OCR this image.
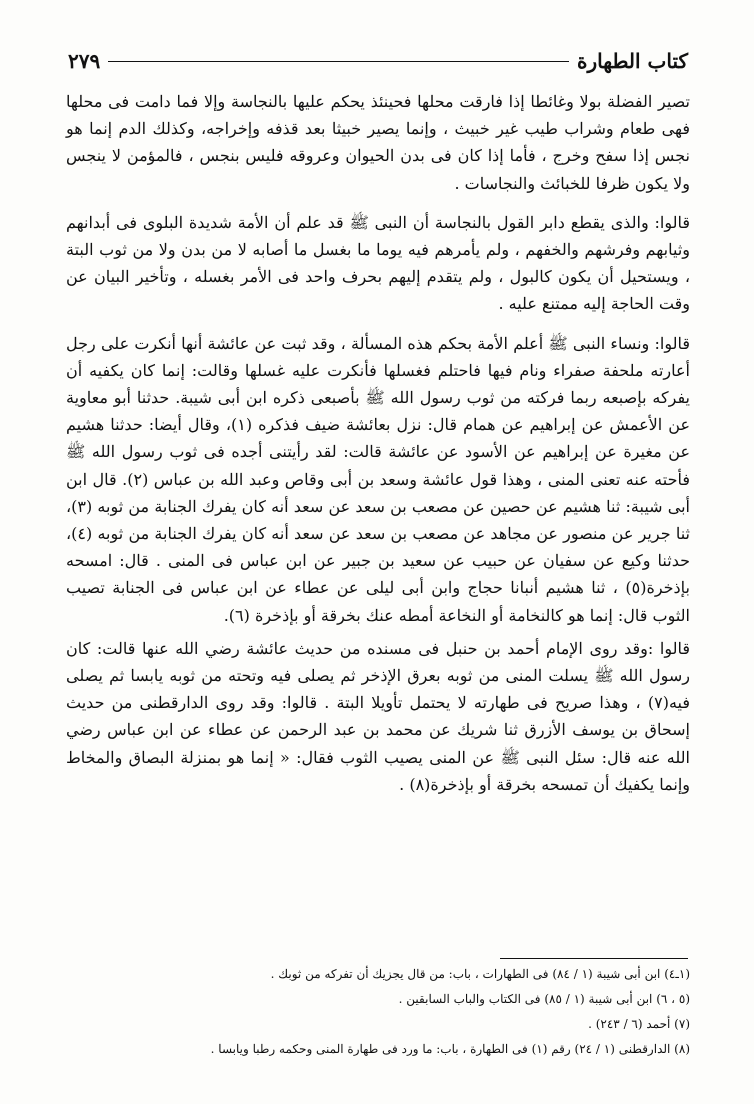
كتاب الطهارة
٢٧٩

تصير الفضلة بولا وغائطا إذا فارقت محلها فحينئذ يحكم عليها بالنجاسة وإلا فما دامت فى محلها فهى طعام وشراب طيب غير خبيث ، وإنما يصير خبيثا بعد قذفه وإخراجه، وكذلك الدم إنما هو نجس إذا سفح وخرج ، فأما إذا كان فى بدن الحيوان وعروقه فليس بنجس ، فالمؤمن لا ينجس ولا يكون ظرفا للخبائث والنجاسات .

قالوا: والذى يقطع دابر القول بالنجاسة أن النبى ﷺ قد علم أن الأمة شديدة البلوى فى أبدانهم وثيابهم وفرشهم والخفهم ، ولم يأمرهم فيه يوما ما بغسل ما أصابه لا من بدن ولا من ثوب البتة ، ويستحيل أن يكون كالبول ، ولم يتقدم إليهم بحرف واحد فى الأمر بغسله ، وتأخير البيان عن وقت الحاجة إليه ممتنع عليه .

قالوا: ونساء النبى ﷺ أعلم الأمة بحكم هذه المسألة ، وقد ثبت عن عائشة أنها أنكرت على رجل أعارته ملحفة صفراء ونام فيها فاحتلم فغسلها فأنكرت عليه غسلها وقالت: إنما كان يكفيه أن يفركه بإصبعه ربما فركته من ثوب رسول الله ﷺ بأصبعى ذكره ابن أبى شيبة. حدثنا أبو معاوية عن الأعمش عن إبراهيم عن همام قال: نزل بعائشة ضيف فذكره (١)، وقال أيضا: حدثنا هشيم عن مغيرة عن إبراهيم عن الأسود عن عائشة قالت: لقد رأيتنى أجده فى ثوب رسول الله ﷺ فأحته عنه تعنى المنى ، وهذا قول عائشة وسعد بن أبى وقاص وعبد الله بن عباس (٢). قال ابن أبى شيبة: ثنا هشيم عن حصين عن مصعب بن سعد عن سعد أنه كان يفرك الجنابة من ثوبه (٣)، ثنا جرير عن منصور عن مجاهد عن مصعب بن سعد عن سعد أنه كان يفرك الجنابة من ثوبه (٤)، حدثنا وكيع عن سفيان عن حبيب عن سعيد بن جبير عن ابن عباس فى المنى . قال: امسحه بإذخرة(٥) ، ثنا هشيم أنبانا حجاج وابن أبى ليلى عن عطاء عن ابن عباس فى الجنابة تصيب الثوب قال: إنما هو كالنخامة أو النخاعة أمطه عنك بخرقة أو بإذخرة (٦).

قالوا :وقد روى الإمام أحمد بن حنبل فى مسنده من حديث عائشة رضي الله عنها قالت: كان رسول الله ﷺ يسلت المنى من ثوبه بعرق الإذخر ثم يصلى فيه وتحته من ثوبه يابسا ثم يصلى فيه(٧) ، وهذا صريح فى طهارته لا يحتمل تأويلا البتة . قالوا: وقد روى الدارقطنى من حديث إسحاق بن يوسف الأزرق ثنا شريك عن محمد بن عبد الرحمن عن عطاء عن ابن عباس رضي الله عنه قال: سئل النبى ﷺ عن المنى يصيب الثوب فقال: « إنما هو بمنزلة البصاق والمخاط وإنما يكفيك أن تمسحه بخرقة أو بإذخرة(٨) .

(١ـ٤) ابن أبى شيبة (١ / ٨٤) فى الطهارات ، باب: من قال يجزيك أن تفركه من ثوبك .
(٥ ، ٦) ابن أبى شيبة (١ / ٨٥) فى الكتاب والباب السابقين .
(٧) أحمد (٦ / ٢٤٣) .
(٨) الدارقطنى (١ / ٢٤) رقم (١) فى الطهارة ، باب: ما ورد فى طهارة المنى وحكمه رطبا ويابسا .
